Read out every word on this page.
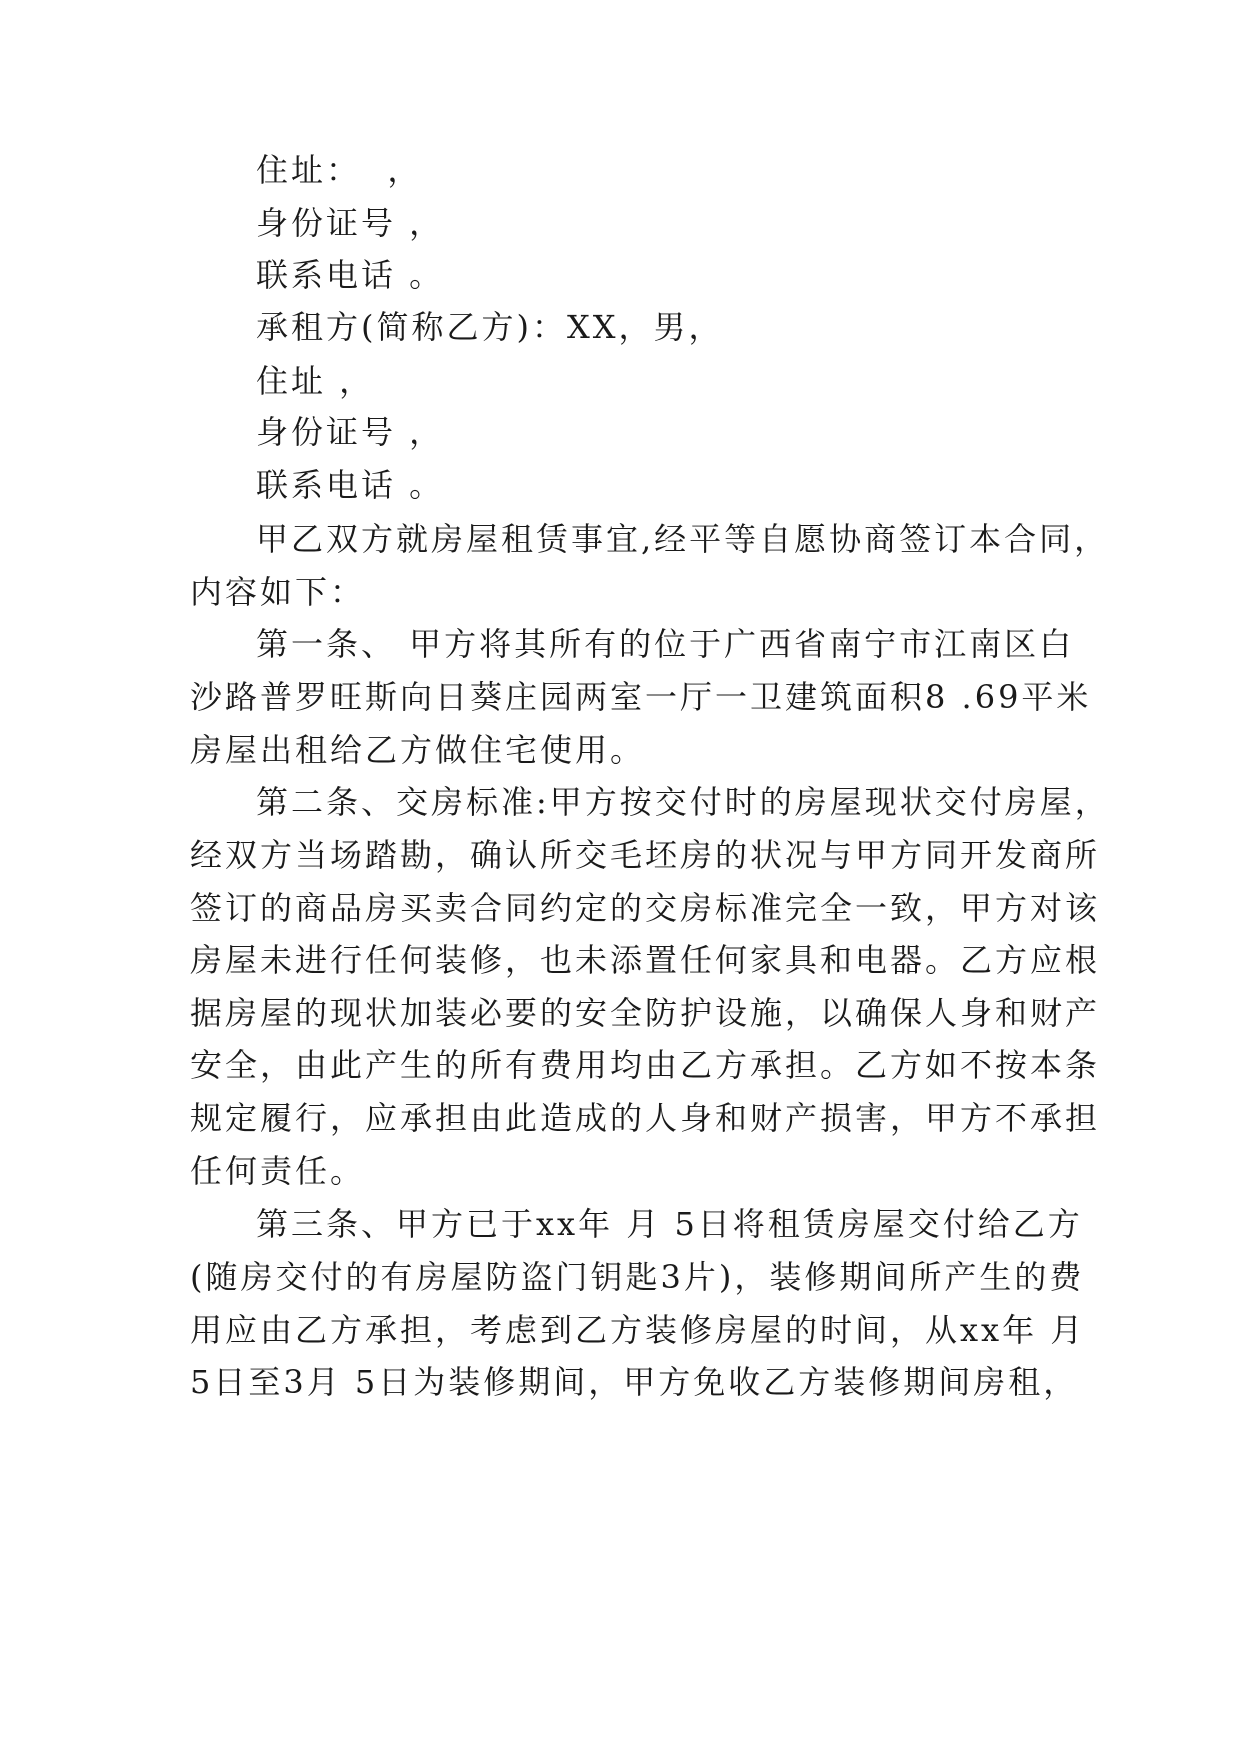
住址：  ，
身份证号 ，
联系电话 。
承租方(简称乙方)：XX，男，
住址 ，
身份证号 ，
联系电话 。
甲乙双方就房屋租赁事宜,经平等自愿协商签订本合同，
内容如下：
第一条、 甲方将其所有的位于广西省南宁市江南区白
沙路普罗旺斯向日葵庄园两室一厅一卫建筑面积8 .69平米
房屋出租给乙方做住宅使用。
第二条、交房标准:甲方按交付时的房屋现状交付房屋，
经双方当场踏勘，确认所交毛坯房的状况与甲方同开发商所
签订的商品房买卖合同约定的交房标准完全一致，甲方对该
房屋未进行任何装修，也未添置任何家具和电器。乙方应根
据房屋的现状加装必要的安全防护设施，以确保人身和财产
安全，由此产生的所有费用均由乙方承担。乙方如不按本条
规定履行，应承担由此造成的人身和财产损害，甲方不承担
任何责任。
第三条、甲方已于xx年 月 5日将租赁房屋交付给乙方
(随房交付的有房屋防盗门钥匙3片)，装修期间所产生的费
用应由乙方承担，考虑到乙方装修房屋的时间，从xx年 月
5日至3月 5日为装修期间，甲方免收乙方装修期间房租，
